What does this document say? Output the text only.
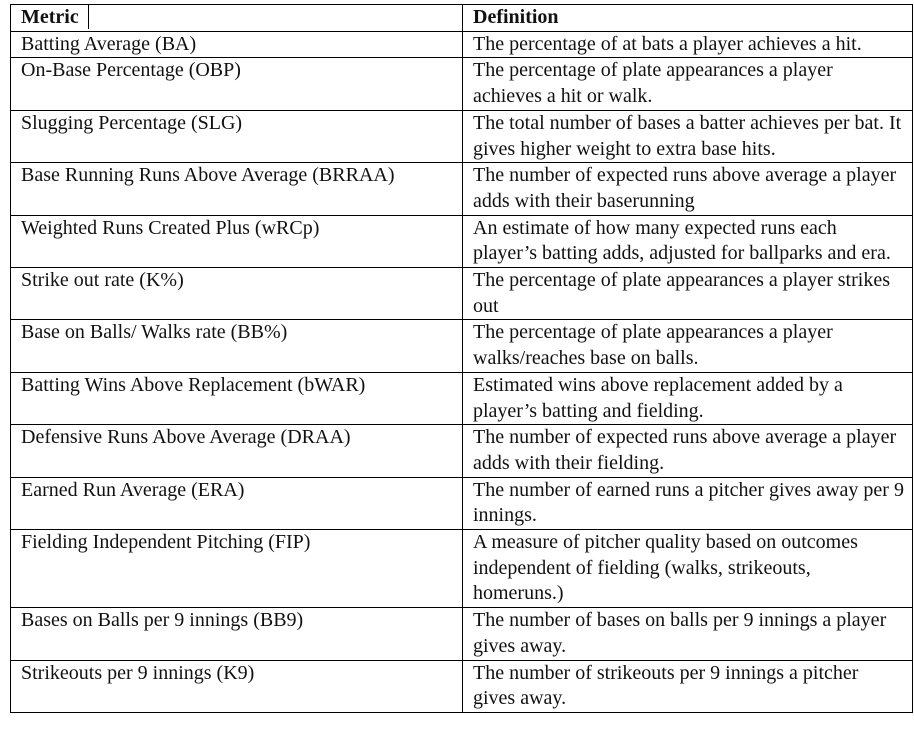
Metric	Definition
Batting Average (BA)	The percentage of at bats a player achieves a hit.
On-Base Percentage (OBP)	The percentage of plate appearances a player achieves a hit or walk.
Slugging Percentage (SLG)	The total number of bases a batter achieves per bat. It gives higher weight to extra base hits.
Base Running Runs Above Average (BRRAA)	The number of expected runs above average a player adds with their baserunning
Weighted Runs Created Plus (wRCp)	An estimate of how many expected runs each player’s batting adds, adjusted for ballparks and era.
Strike out rate (K%)	The percentage of plate appearances a player strikes out
Base on Balls/ Walks rate (BB%)	The percentage of plate appearances a player walks/reaches base on balls.
Batting Wins Above Replacement (bWAR)	Estimated wins above replacement added by a player’s batting and fielding.
Defensive Runs Above Average (DRAA)	The number of expected runs above average a player adds with their fielding.
Earned Run Average (ERA)	The number of earned runs a pitcher gives away per 9 innings.
Fielding Independent Pitching (FIP)	A measure of pitcher quality based on outcomes independent of fielding (walks, strikeouts, homeruns.)
Bases on Balls per 9 innings (BB9)	The number of bases on balls per 9 innings a player gives away.
Strikeouts per 9 innings (K9)	The number of strikeouts per 9 innings a pitcher gives away.
